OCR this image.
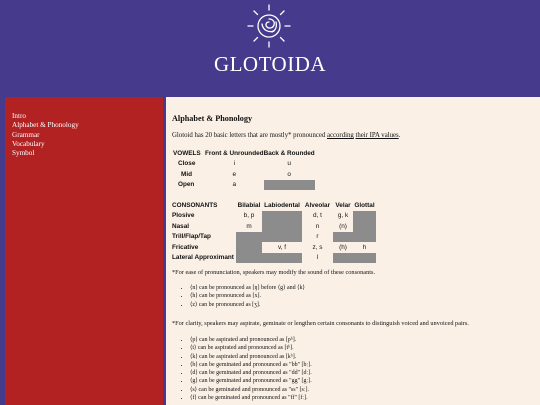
GLOTOIDA
Intro
Alphabet & Phonology
Grammar
Vocabulary
Symbol
Alphabet & Phonology
Glotoid has 20 basic letters that are mostly* pronounced according their IPA values.
VOWELS	Front & Unrounded	Back & Rounded
Close	i	u
Mid	e	o
Open	a	
CONSONANTS	Bilabial	Labiodental	Alveolar	Velar	Glottal
Plosive	b, p		d, t	g, k	
Nasal	m		n	(n)	
Trill/Flap/Tap			r		
Fricative		v, f	z, s	(h)	h
Lateral Approximant			l		
*For ease of pronunciation, speakers may modify the sound of these consonants.
• ⟨n⟩ can be pronounced as [ŋ] before ⟨g⟩ and ⟨k⟩
• ⟨h⟩ can be pronounced as [x].
• ⟨z⟩ can be pronounced as [ʒ].
*For clarity, speakers may aspirate, geminate or lengthen certain consonants to distinguish voiced and unvoiced pairs.
• ⟨p⟩ can be aspirated and pronounced as [pʰ].
• ⟨t⟩ can be aspirated and pronounced as [tʰ].
• ⟨k⟩ can be aspirated and pronounced as [kʰ].
• ⟨b⟩ can be geminated and pronounced as "bb" [bː].
• ⟨d⟩ can be geminated and pronounced as "dd" [dː].
• ⟨g⟩ can be geminated and pronounced as "gg" [gː].
• ⟨s⟩ can be geminated and pronounced as "ss" [sː].
• ⟨f⟩ can be geminated and pronounced as "ff" [fː].
